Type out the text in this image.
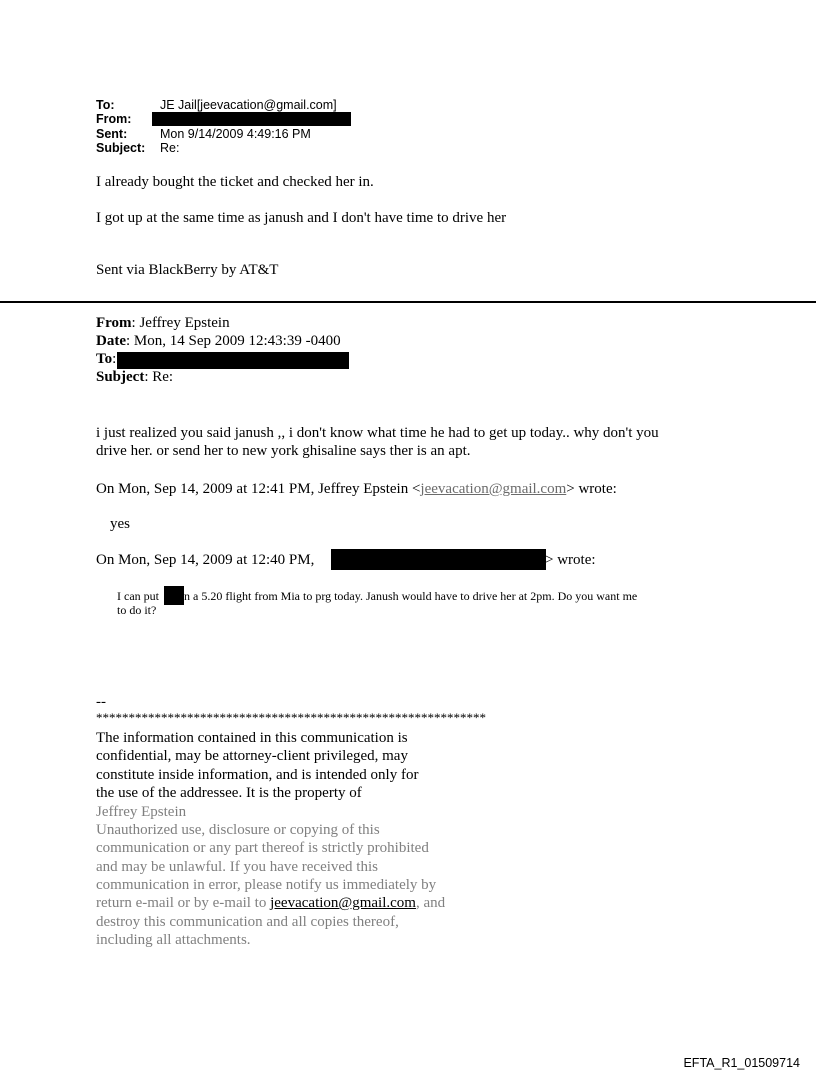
To:	JE Jail[jeevacation@gmail.com]
From:
Sent:	Mon 9/14/2009 4:49:16 PM
Subject: Re:
I already bought the ticket and checked her in.
I got up at the same time as janush and I don't have time to drive her
Sent via BlackBerry by AT&T
From: Jeffrey Epstein
Date: Mon, 14 Sep 2009 12:43:39 -0400
To:
Subject: Re:
i just realized you said janush ,, i don't know what time he had to get up today.. why don't you
drive her. or send her to new york ghisaline says ther is an apt.
On Mon, Sep 14, 2009 at 12:41 PM, Jeffrey Epstein <jeevacation@gmail.com> wrote:
yes
On Mon, Sep 14, 2009 at 12:40 PM,	> wrote:
I can put n a 5.20 flight from Mia to prg today. Janush would have to drive her at 2pm. Do you want me
to do it?
--
************************************************************
The information contained in this communication is
confidential, may be attorney-client privileged, may
constitute inside information, and is intended only for
the use of the addressee. It is the property of
Jeffrey Epstein
Unauthorized use, disclosure or copying of this
communication or any part thereof is strictly prohibited
and may be unlawful. If you have received this
communication in error, please notify us immediately by
return e-mail or by e-mail to jeevacation@gmail.com, and
destroy this communication and all copies thereof,
including all attachments.
EFTA_R1_01509714
